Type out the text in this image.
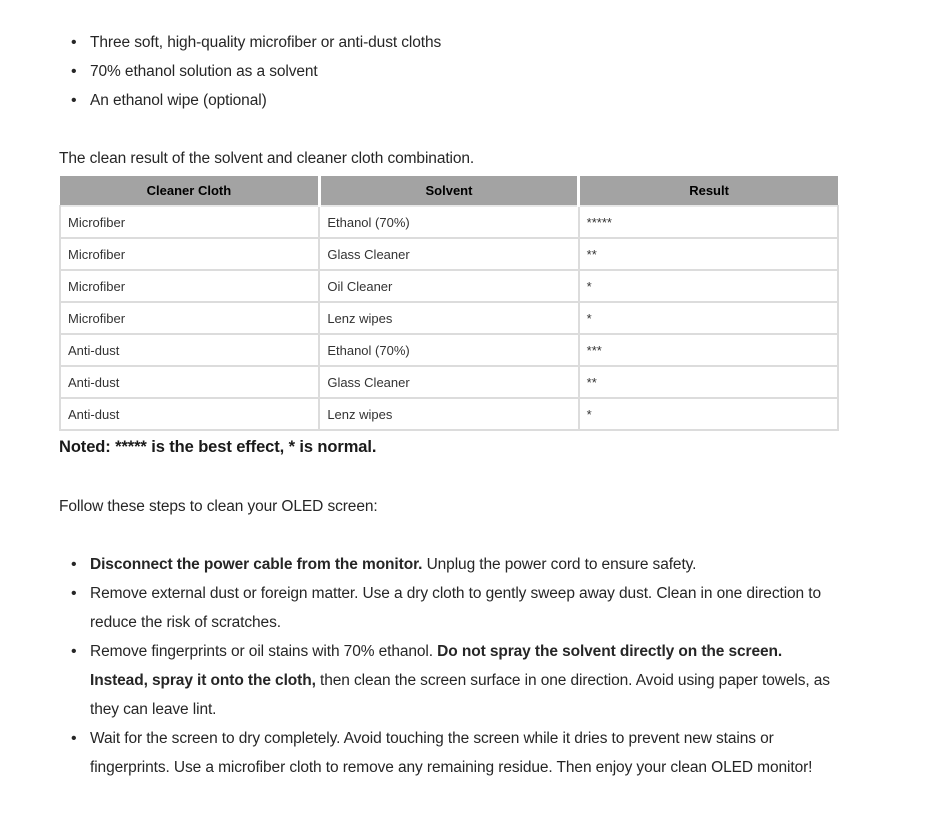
• Three soft, high-quality microfiber or anti-dust cloths
• 70% ethanol solution as a solvent
• An ethanol wipe (optional)

The clean result of the solvent and cleaner cloth combination.

Cleaner Cloth	Solvent	Result
Microfiber	Ethanol (70%)	*****
Microfiber	Glass Cleaner	**
Microfiber	Oil Cleaner	*
Microfiber	Lenz wipes	*
Anti-dust	Ethanol (70%)	***
Anti-dust	Glass Cleaner	**
Anti-dust	Lenz wipes	*

Noted: ***** is the best effect, * is normal.

Follow these steps to clean your OLED screen:

• Disconnect the power cable from the monitor. Unplug the power cord to ensure safety.
• Remove external dust or foreign matter. Use a dry cloth to gently sweep away dust. Clean in one direction to reduce the risk of scratches.
• Remove fingerprints or oil stains with 70% ethanol. Do not spray the solvent directly on the screen. Instead, spray it onto the cloth, then clean the screen surface in one direction. Avoid using paper towels, as they can leave lint.
• Wait for the screen to dry completely. Avoid touching the screen while it dries to prevent new stains or fingerprints. Use a microfiber cloth to remove any remaining residue. Then enjoy your clean OLED monitor!
